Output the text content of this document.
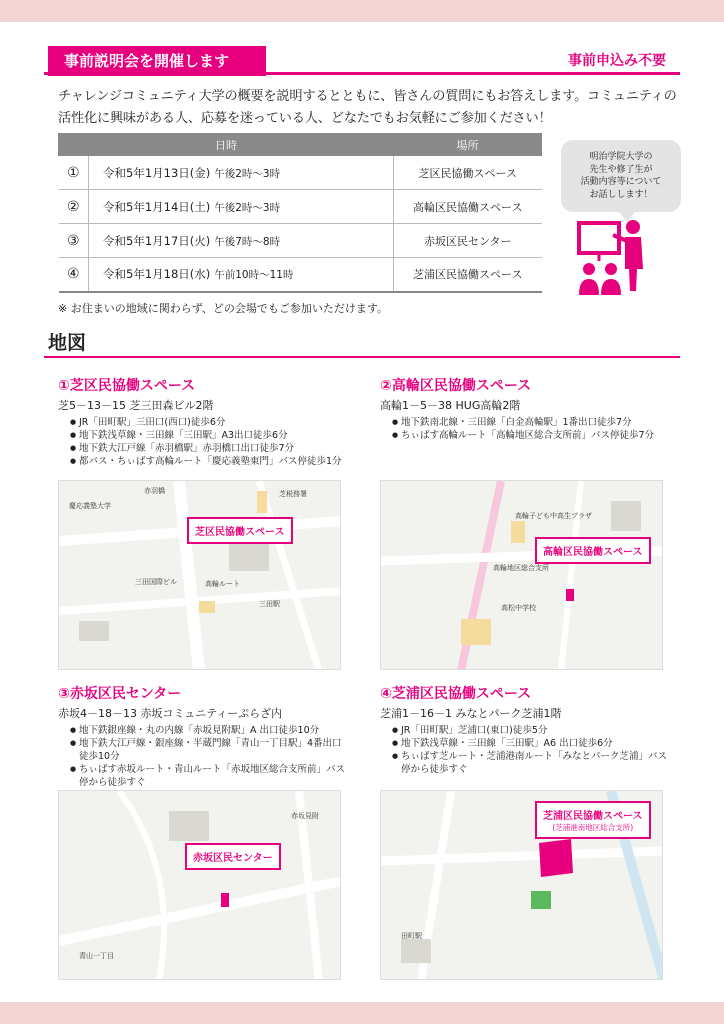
事前説明会を開催します	事前申込み不要

チャレンジコミュニティ大学の概要を説明するとともに、皆さんの質問にもお答えします。コミュニティの活性化に興味がある人、応募を迷っている人、どなたでもお気軽にご参加ください！

日時		場所
①	令和5年1月13日(金) 午後2時～3時	芝区民協働スペース
②	令和5年1月14日(土) 午後2時～3時	高輪区民協働スペース
③	令和5年1月17日(火) 午後7時～8時	赤坂区民センター
④	令和5年1月18日(水) 午前10時～11時	芝浦区民協働スペース

※ お住まいの地域に関わらず、どの会場でもご参加いただけます。

明治学院大学の
先生や修了生が
活動内容等について
お話しします！
地図
①芝区民協働スペース
芝5－13－15 芝三田森ビル2階
● JR「田町駅」三田口(西口)徒歩6分
● 地下鉄浅草線・三田線「三田駅」A3出口徒歩6分
● 地下鉄大江戸線「赤羽橋駅」赤羽橋口出口徒歩7分
● 都バス・ちぃばす高輪ルート「慶応義塾東門」バス停徒歩1分
慶応義塾大学
赤羽橋	芝税務署
三田国際ビル	高輪ルート
三田駅
芝区民協働スペース
②高輪区民協働スペース
高輪1－5－38 HUG高輪2階
● 地下鉄南北線・三田線「白金高輪駅」1番出口徒歩7分
● ちぃばす高輪ルート「高輪地区総合支所前」バス停徒歩7分
高輪子ども中高生プラザ
高輪地区総合支所
高松中学校
高輪区民協働スペース
③赤坂区民センター
赤坂4－18－13 赤坂コミュニティーぷらざ内
● 地下鉄銀座線・丸の内線「赤坂見附駅」A 出口徒歩10分
● 地下鉄大江戸線・銀座線・半蔵門線「青山一丁目駅」4番出口徒歩10分
● ちぃばす赤坂ルート・青山ルート「赤坂地区総合支所前」バス停から徒歩すぐ
青山一丁目
赤坂見附
赤坂区民センター
④芝浦区民協働スペース
芝浦1－16－1 みなとパーク芝浦1階
● JR「田町駅」芝浦口(東口)徒歩5分
● 地下鉄浅草線・三田線「三田駅」A6 出口徒歩6分
● ちぃばす芝ルート・芝浦港南ルート「みなとパーク芝浦」バス停から徒歩すぐ
田町駅
芝浦区民協働スペース
(芝浦港南地区総合支所)
